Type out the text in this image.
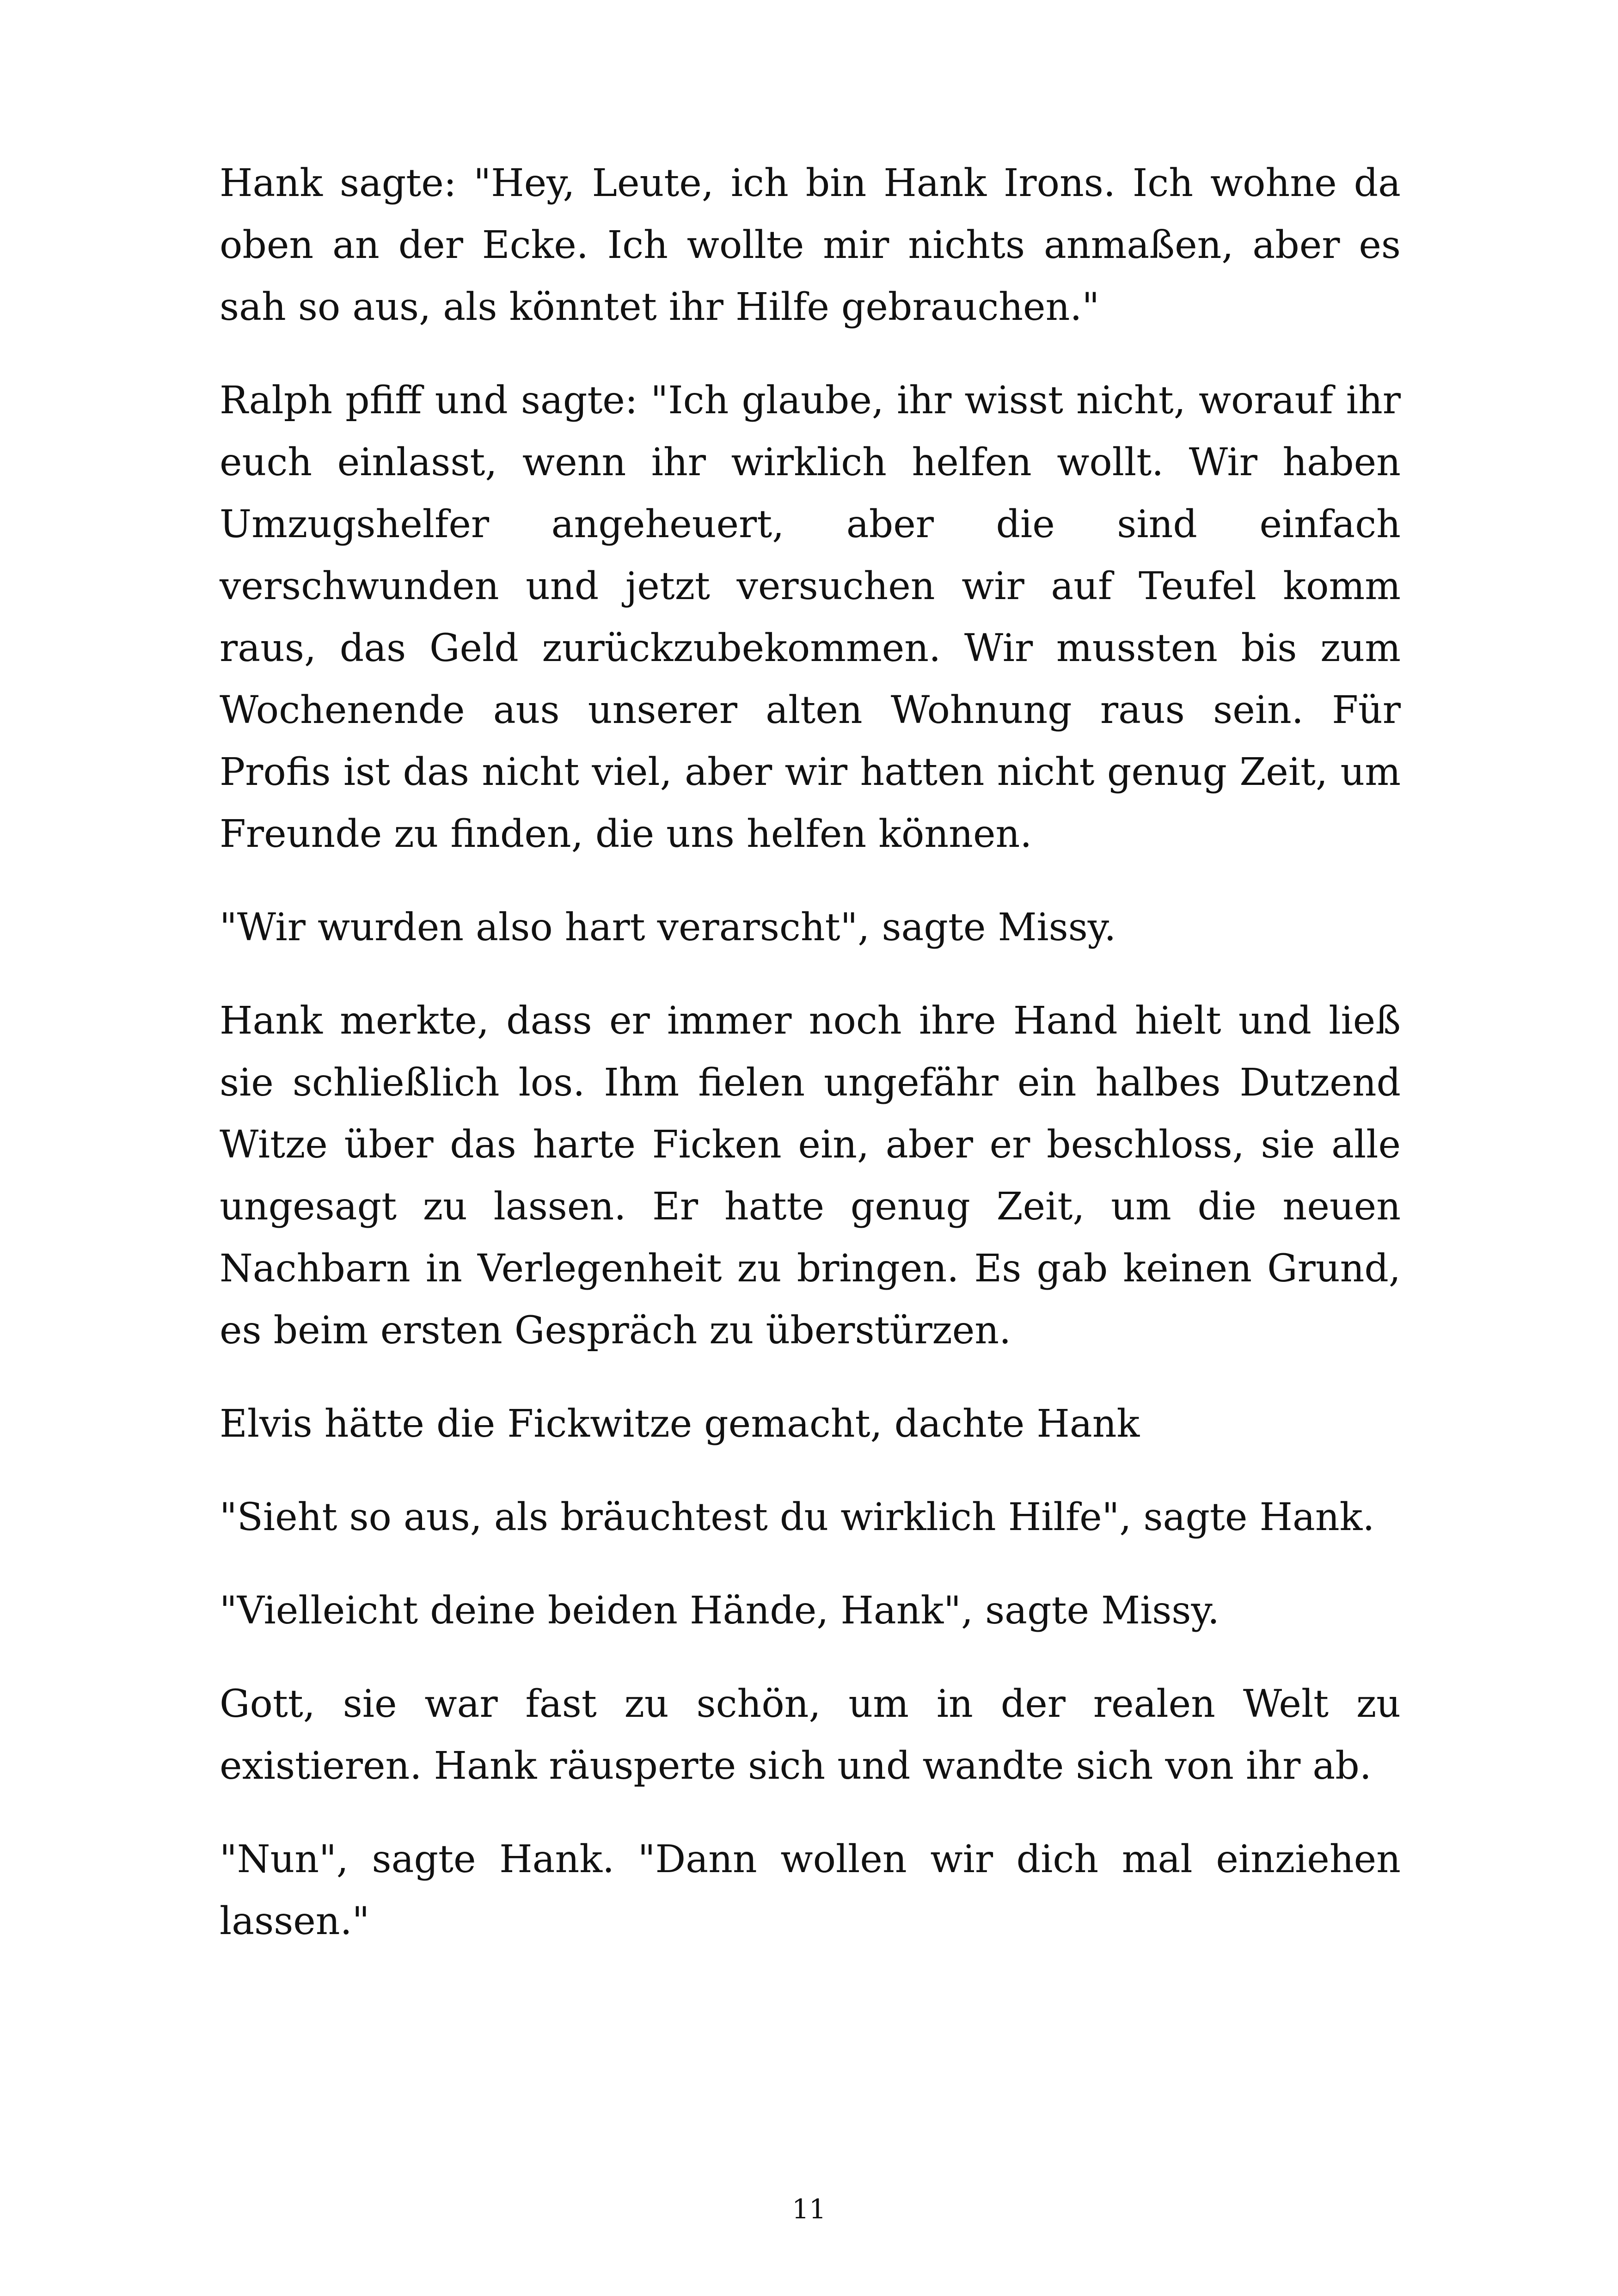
Hank sagte: "Hey, Leute, ich bin Hank Irons. Ich wohne da oben an der Ecke. Ich wollte mir nichts anmaßen, aber es sah so aus, als könntet ihr Hilfe gebrauchen."

Ralph pfiff und sagte: "Ich glaube, ihr wisst nicht, worauf ihr euch einlasst, wenn ihr wirklich helfen wollt. Wir haben Umzugshelfer angeheuert, aber die sind einfach verschwunden und jetzt versuchen wir auf Teufel komm raus, das Geld zurückzubekommen. Wir mussten bis zum Wochenende aus unserer alten Wohnung raus sein. Für Profis ist das nicht viel, aber wir hatten nicht genug Zeit, um Freunde zu finden, die uns helfen können.

"Wir wurden also hart verarscht", sagte Missy.

Hank merkte, dass er immer noch ihre Hand hielt und ließ sie schließlich los. Ihm fielen ungefähr ein halbes Dutzend Witze über das harte Ficken ein, aber er beschloss, sie alle ungesagt zu lassen. Er hatte genug Zeit, um die neuen Nachbarn in Verlegenheit zu bringen. Es gab keinen Grund, es beim ersten Gespräch zu überstürzen.

Elvis hätte die Fickwitze gemacht, dachte Hank

"Sieht so aus, als bräuchtest du wirklich Hilfe", sagte Hank.

"Vielleicht deine beiden Hände, Hank", sagte Missy.

Gott, sie war fast zu schön, um in der realen Welt zu existieren. Hank räusperte sich und wandte sich von ihr ab.

"Nun", sagte Hank. "Dann wollen wir dich mal einziehen lassen."

11
